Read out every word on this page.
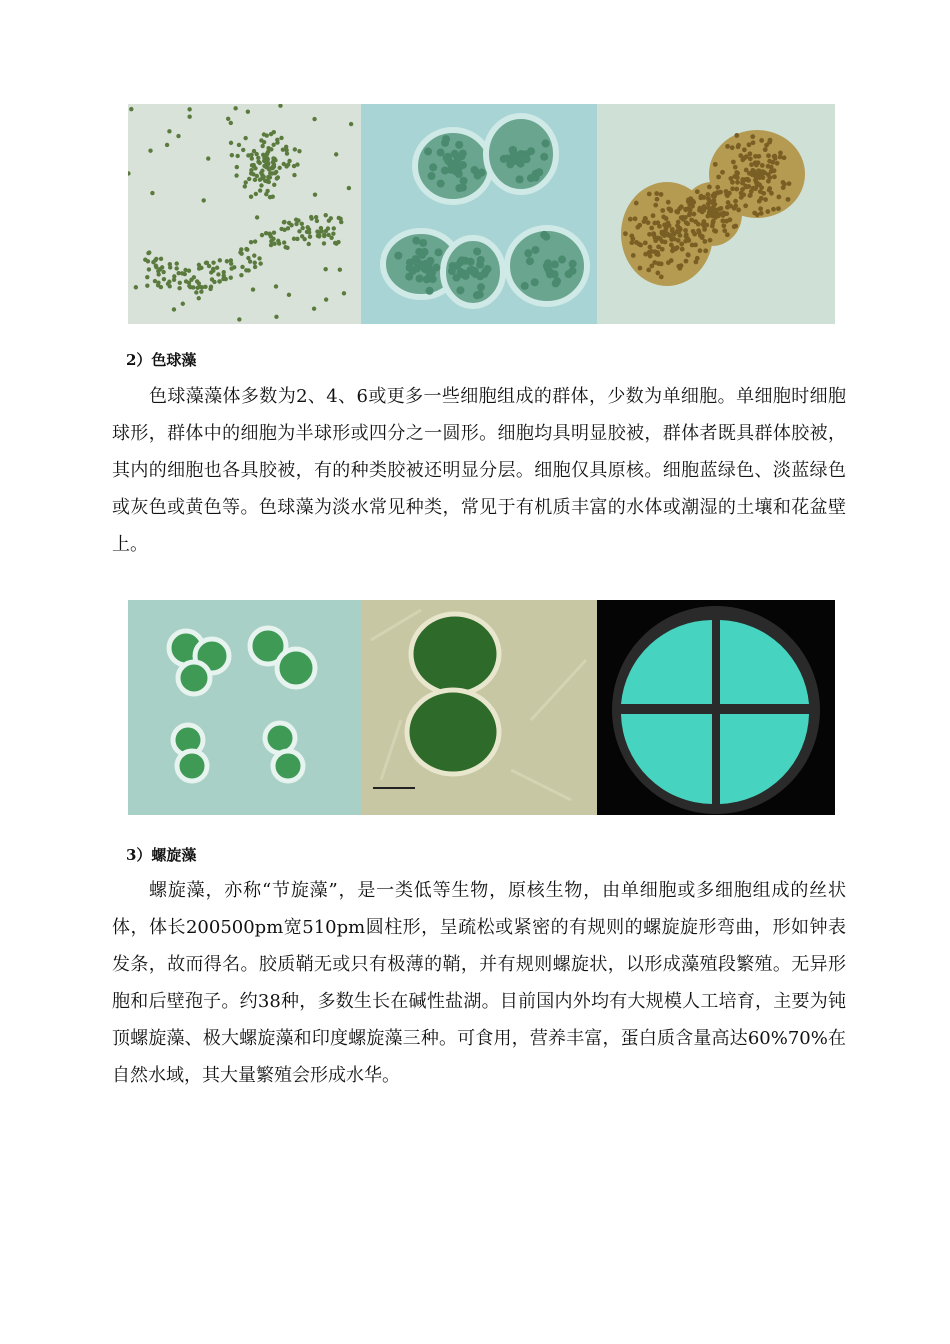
2）色球藻

色球藻藻体多数为2、4、6或更多一些细胞组成的群体，少数为单细胞。单细胞时细胞球形，群体中的细胞为半球形或四分之一圆形。细胞均具明显胶被，群体者既具群体胶被，其内的细胞也各具胶被，有的种类胶被还明显分层。细胞仅具原核。细胞蓝绿色、淡蓝绿色或灰色或黄色等。色球藻为淡水常见种类，常见于有机质丰富的水体或潮湿的土壤和花盆壁上。

3）螺旋藻

螺旋藻，亦称“节旋藻”，是一类低等生物，原核生物，由单细胞或多细胞组成的丝状体，体长200500pm宽510pm圆柱形，呈疏松或紧密的有规则的螺旋旋形弯曲，形如钟表发条，故而得名。胶质鞘无或只有极薄的鞘，并有规则螺旋状，以形成藻殖段繁殖。无异形胞和后壁孢子。约38种，多数生长在碱性盐湖。目前国内外均有大规模人工培育，主要为钝顶螺旋藻、极大螺旋藻和印度螺旋藻三种。可食用，营养丰富，蛋白质含量高达60%70%在自然水域，其大量繁殖会形成水华。
